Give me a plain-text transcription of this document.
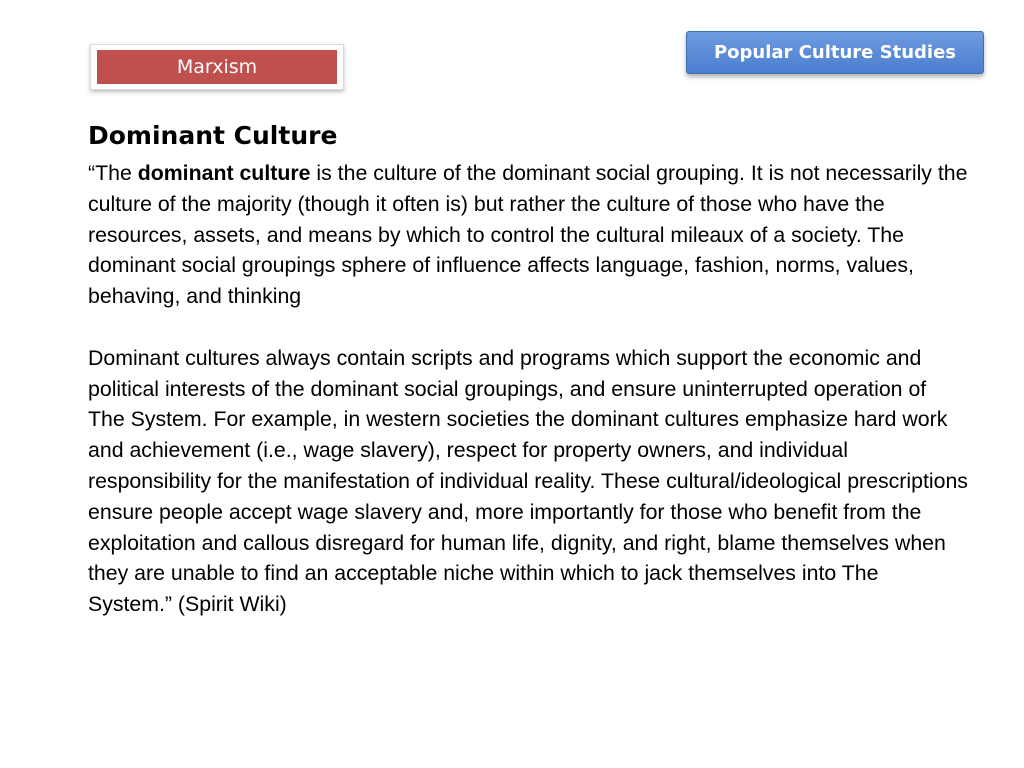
Marxism
Popular Culture Studies
Dominant Culture

“The dominant culture is the culture of the dominant social grouping. It is not necessarily the culture of the majority (though it often is) but rather the culture of those who have the resources, assets, and means by which to control the cultural mileaux of a society. The dominant social groupings sphere of influence affects language, fashion, norms, values, behaving, and thinking

Dominant cultures always contain scripts and programs which support the economic and political interests of the dominant social groupings, and ensure uninterrupted operation of The System. For example, in western societies the dominant cultures emphasize hard work and achievement (i.e., wage slavery), respect for property owners, and individual responsibility for the manifestation of individual reality. These cultural/ideological prescriptions ensure people accept wage slavery and, more importantly for those who benefit from the exploitation and callous disregard for human life, dignity, and right, blame themselves when they are unable to find an acceptable niche within which to jack themselves into The System.” (Spirit Wiki)
